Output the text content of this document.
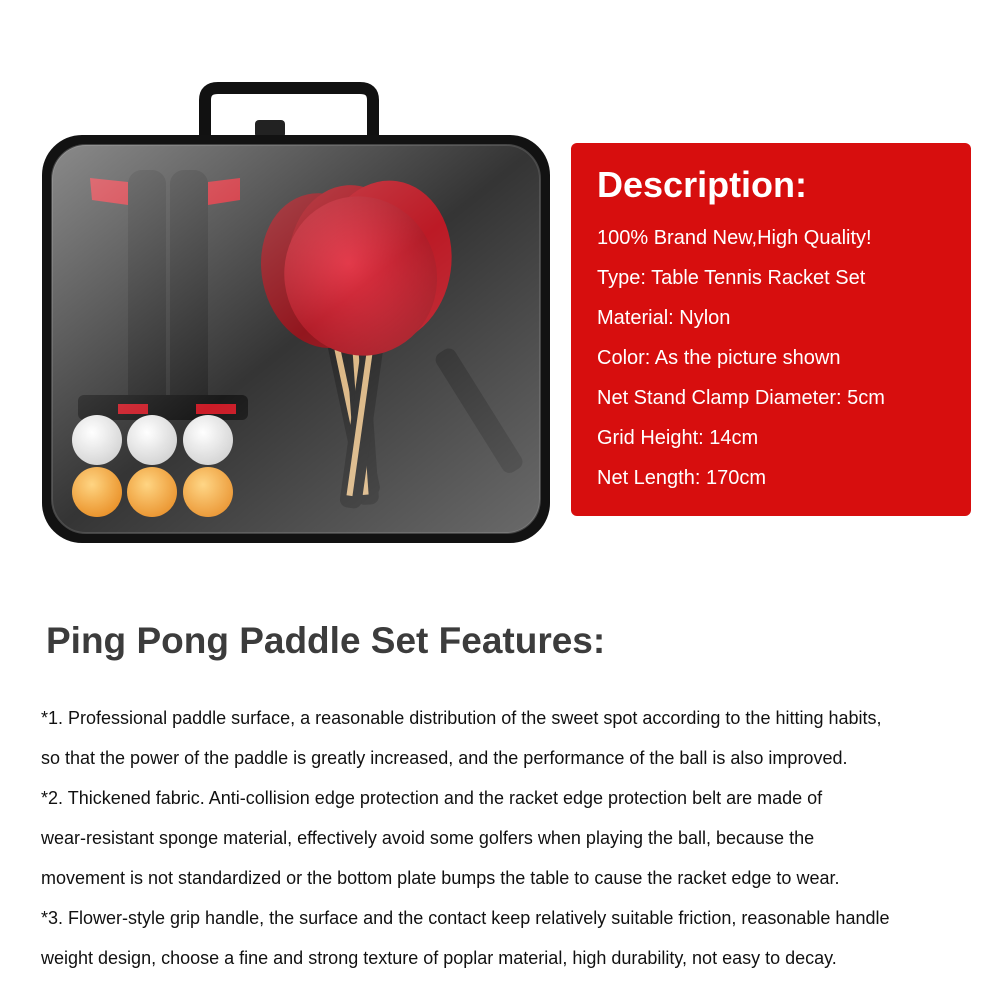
Description:
100% Brand New,High Quality!
Type: Table Tennis Racket Set
Material: Nylon
Color: As the picture shown
Net Stand Clamp Diameter: 5cm
Grid Height: 14cm
Net Length: 170cm
Ping Pong Paddle Set Features:

*1. Professional paddle surface, a reasonable distribution of the sweet spot according to the hitting habits,

so that the power of the paddle is greatly increased, and the performance of the ball is also improved.

*2. Thickened fabric. Anti-collision edge protection and the racket edge protection belt are made of

wear-resistant sponge material, effectively avoid some golfers when playing the ball, because the

movement is not standardized or the bottom plate bumps the table to cause the racket edge to wear.

*3. Flower-style grip handle, the surface and the contact keep relatively suitable friction, reasonable handle

weight design, choose a fine and strong texture of poplar material, high durability, not easy to decay.
